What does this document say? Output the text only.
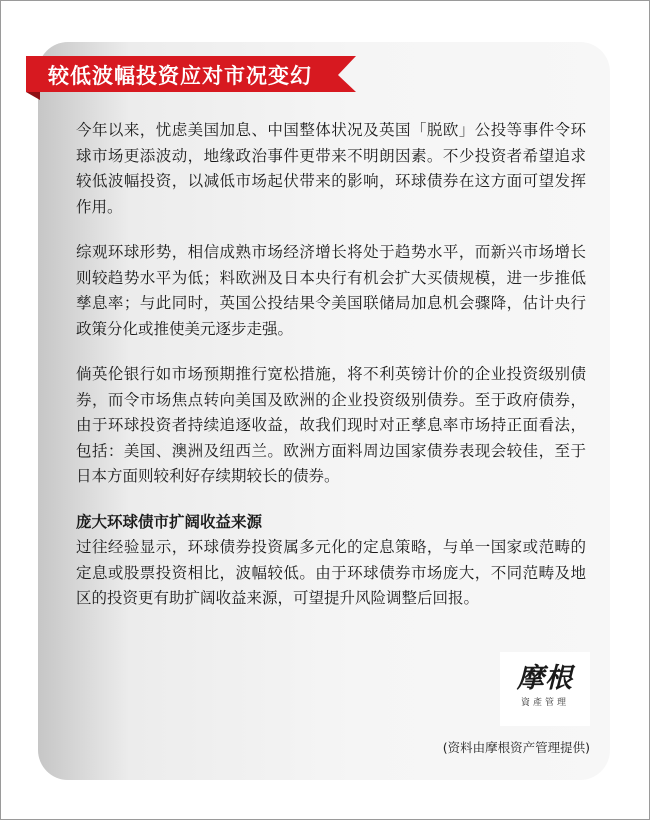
较低波幅投资应对市况变幻

今年以来，忧虑美国加息、中国整体状况及英国「脱欧」公投等事件令环球市场更添波动，地缘政治事件更带来不明朗因素。不少投资者希望追求较低波幅投资，以减低市场起伏带来的影响，环球债券在这方面可望发挥作用。

综观环球形势，相信成熟市场经济增长将处于趋势水平，而新兴市场增长则较趋势水平为低；料欧洲及日本央行有机会扩大买债规模，进一步推低孳息率；与此同时，英国公投结果令美国联储局加息机会骤降，估计央行政策分化或推使美元逐步走强。

倘英伦银行如市场预期推行宽松措施，将不利英镑计价的企业投资级别债券，而令市场焦点转向美国及欧洲的企业投资级别债券。至于政府债券，由于环球投资者持续追逐收益，故我们现时对正孳息率市场持正面看法，包括：美国、澳洲及纽西兰。欧洲方面料周边国家债券表现会较佳，至于日本方面则较利好存续期较长的债券。

庞大环球债市扩阔收益来源

过往经验显示，环球债券投资属多元化的定息策略，与单一国家或范畴的定息或股票投资相比，波幅较低。由于环球债券市场庞大，不同范畴及地区的投资更有助扩阔收益来源，可望提升风险调整后回报。

摩根
資產管理
(资料由摩根资产管理提供)
